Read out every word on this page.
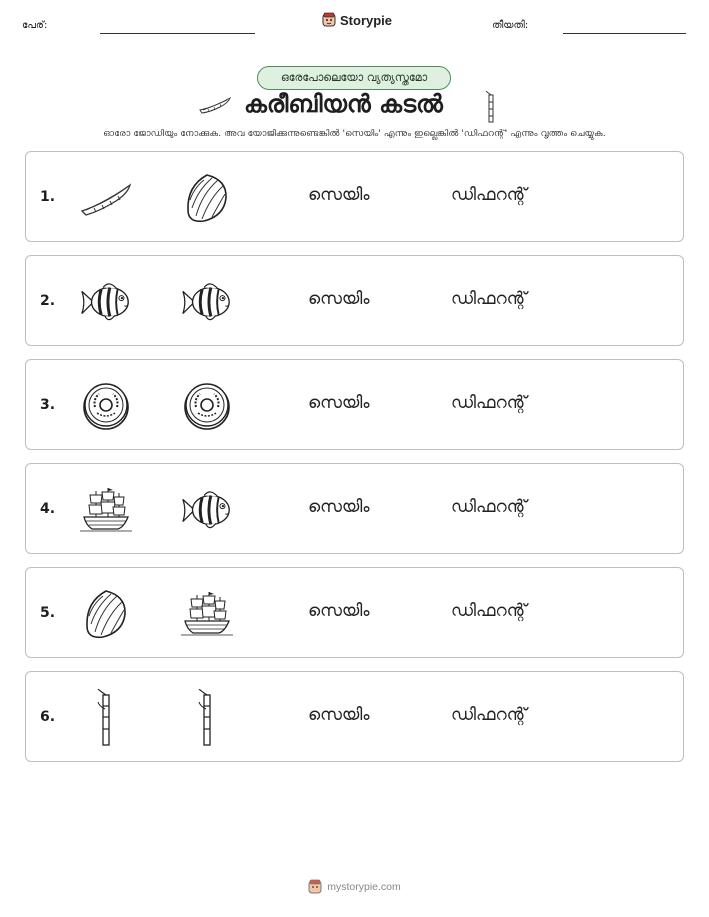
പേര്:	Storypie	തീയതി:
ഒരേപോലെയോ വ്യത്യസ്തമോ
കരീബിയൻ കടൽ
ഓരോ ജോഡിയും നോക്കുക. അവ യോജിക്കുന്നുണ്ടെങ്കിൽ 'സെയിം' എന്നും ഇല്ലെങ്കിൽ 'ഡിഫറന്റ്' എന്നും വൃത്തം ചെയ്യുക.
1.	സെയിം	ഡിഫറന്റ്
2.	സെയിം	ഡിഫറന്റ്
3.	സെയിം	ഡിഫറന്റ്
4.	സെയിം	ഡിഫറന്റ്
5.	സെയിം	ഡിഫറന്റ്
6.	സെയിം	ഡിഫറന്റ്
mystorypie.com
